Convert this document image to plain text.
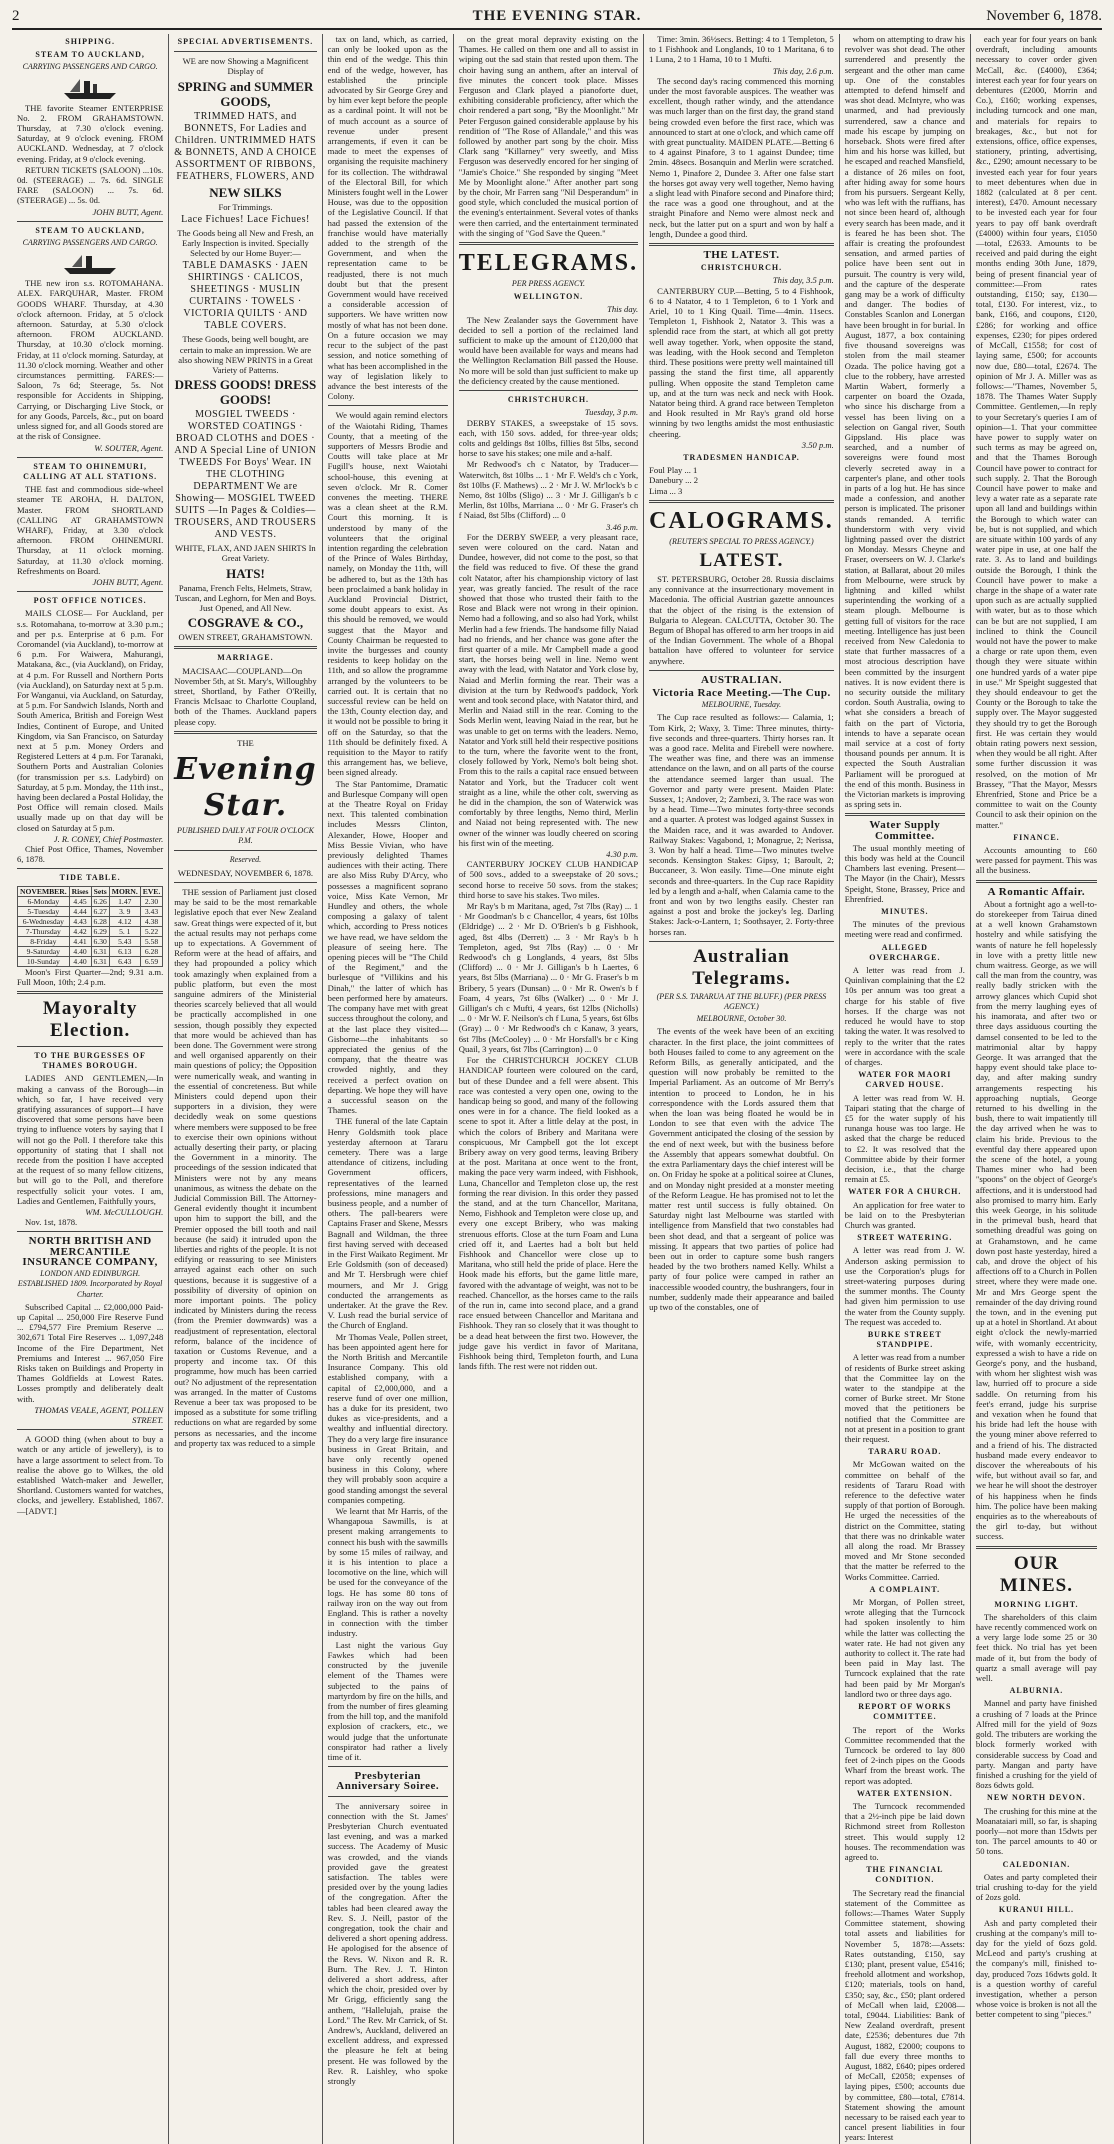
2	THE EVENING STAR.	November 6, 1878.
SHIPPING.
STEAM TO AUCKLAND,
CARRYING PASSENGERS AND CARGO.
THE favorite Steamer ENTERPRISE No. 2. FROM GRAHAMSTOWN. Thursday, at 7.30 o'clock evening. Saturday, at 9 o'clock evening. FROM AUCKLAND. Wednesday, at 7 o'clock evening. Friday, at 9 o'clock evening.
RETURN TICKETS (SALOON) ...10s. 0d. (STEERAGE) ... 7s. 6d. SINGLE FARE (SALOON) ... 7s. 6d. (STEERAGE) ... 5s. 0d.
JOHN BUTT, Agent.
STEAM TO AUCKLAND,
CARRYING PASSENGERS AND CARGO.
THE new iron s.s. ROTOMAHANA. ALEX. FARQUHAR, Master. FROM GOODS WHARF. Thursday, at 4.30 o'clock afternoon. Friday, at 5 o'clock afternoon. Saturday, at 5.30 o'clock afternoon. FROM AUCKLAND. Thursday, at 10.30 o'clock morning. Friday, at 11 o'clock morning. Saturday, at 11.30 o'clock morning. Weather and other circumstances permitting. FARES:—Saloon, 7s 6d; Steerage, 5s. Not responsible for Accidents in Shipping, Carrying, or Discharging Live Stock, or for any Goods, Parcels, &c., put on board unless signed for, and all Goods stored are at the risk of Consignee.
W. SOUTER, Agent.
STEAM TO OHINEMURI, CALLING AT ALL STATIONS.
THE fast and commodious side-wheel steamer TE AROHA, H. DALTON, Master. FROM SHORTLAND (CALLING AT GRAHAMSTOWN WHARF), Friday, at 3.30 o'clock afternoon. FROM OHINEMURI. Thursday, at 11 o'clock morning. Saturday, at 11.30 o'clock morning. Refreshments on Board.
JOHN BUTT, Agent.
POST OFFICE NOTICES.
MAILS CLOSE— For Auckland, per s.s. Rotomahana, to-morrow at 3.30 p.m.; and per p.s. Enterprise at 6 p.m. For Coromandel (via Auckland), to-morrow at 6 p.m. For Waiwera, Mahurangi, Matakana, &c., (via Auckland), on Friday, at 4 p.m. For Russell and Northern Ports (via Auckland), on Saturday next at 5 p.m. For Wanganui, via Auckland, on Saturday, at 5 p.m. For Sandwich Islands, North and South America, British and Foreign West Indies, Continent of Europe, and United Kingdom, via San Francisco, on Saturday next at 5 p.m. Money Orders and Registered Letters at 4 p.m. For Taranaki, Southern Ports and Australian Colonies (for transmission per s.s. Ladybird) on Saturday, at 5 p.m. Monday, the 11th inst., having been declared a Postal Holiday, the Post Office will remain closed. Mails usually made up on that day will be closed on Saturday at 5 p.m.
J. R. CONEY, Chief Postmaster.
Chief Post Office, Thames, November 6, 1878.
TIDE TABLE.
NOVEMBER.	Rises	Sets	MORN.	EVE.
6-Monday	4.45	6.26	1.47	2.30
5-Tuesday	4.44	6.27	3. 9	3.43
6-Wednesday	4.43	6.28	4.12	4.38
7-Thursday	4.42	6.29	5. 1	5.22
8-Friday	4.41	6.30	5.43	5.58
9-Saturday	4.40	6.31	6.13	6.28
10-Sunday	4.40	6.31	6.43	6.59
Moon's First Quarter—2nd; 9.31 a.m. Full Moon, 10th; 2.4 p.m.
Mayoralty Election.
TO THE BURGESSES OF THAMES BOROUGH.
LADIES AND GENTLEMEN,—In making a canvass of the Borough—in which, so far, I have received very gratifying assurances of support—I have discovered that some persons have been trying to influence voters by saying that I will not go the Poll. I therefore take this opportunity of stating that I shall not recede from the position I have accepted at the request of so many fellow citizens, but will go to the Poll, and therefore respectfully solicit your votes. I am, Ladies and Gentlemen, Faithfully yours,
WM. McCULLOUGH.
Nov. 1st, 1878.
NORTH BRITISH AND MERCANTILE INSURANCE COMPANY,
LONDON AND EDINBURGH. ESTABLISHED 1809. Incorporated by Royal Charter.
Subscribed Capital ... £2,000,000 Paid-up Capital ... 250,000 Fire Reserve Fund ... £794,577 Fire Premium Reserve ... 302,671 Total Fire Reserves ... 1,097,248 Income of the Fire Department, Net Premiums and Interest ... 967,050 Fire Risks taken on Buildings and Property in Thames Goldfields at Lowest Rates. Losses promptly and deliberately dealt with.
THOMAS VEALE, AGENT, POLLEN STREET.
A GOOD thing (when about to buy a watch or any article of jewellery), is to have a large assortment to select from. To realise the above go to Wilkes, the old established Watch-maker and Jeweller, Shortland. Customers wanted for watches, clocks, and jewellery. Established, 1867.—[ADVT.]
SPECIAL ADVERTISEMENTS.
WE are now Showing a Magnificent Display of
SPRING and SUMMER GOODS,
TRIMMED HATS, and BONNETS, For Ladies and Children. UNTRIMMED HATS & BONNETS, AND A CHOICE ASSORTMENT OF RIBBONS, FEATHERS, FLOWERS, AND
NEW SILKS
For Trimmings.
Lace Fichues! Lace Fichues!
The Goods being all New and Fresh, an Early Inspection is invited. Specially Selected by our Home Buyer:—
TABLE DAMASKS · JAEN SHIRTINGS · CALICOS, SHEETINGS · MUSLIN CURTAINS · TOWELS · VICTORIA QUILTS · AND TABLE COVERS.
These Goods, being well bought, are certain to make an impression. We are also showing NEW PRINTS in a Great Variety of Patterns.
DRESS GOODS! DRESS GOODS!
MOSGIEL TWEEDS · WORSTED COATINGS · BROAD CLOTHS and DOES · AND A Special Line of UNION TWEEDS For Boys' Wear. IN THE CLOTHING DEPARTMENT We are Showing— MOSGIEL TWEED SUITS —In Pages & Coldies— TROUSERS, AND TROUSERS AND VESTS.
WHITE, FLAX, AND JAEN SHIRTS In Great Variety.
HATS!
Panama, French Felts, Helmets, Straw, Tuscan, and Leghorn, for Men and Boys. Just Opened, and All New.
COSGRAVE & CO.,
OWEN STREET, GRAHAMSTOWN.
MARRIAGE.
MACISAAC—COUPLAND—On November 5th, at St. Mary's, Willoughby street, Shortland, by Father O'Reilly, Francis McIsaac to Charlotte Coupland, both of the Thames. Auckland papers please copy.
THE
Evening Star.
PUBLISHED DAILY AT FOUR O'CLOCK P.M.
Reserved.
WEDNESDAY, NOVEMBER 6, 1878.
THE session of Parliament just closed may be said to be the most remarkable legislative epoch that ever New Zealand saw. Great things were expected of it, but the actual results may not perhaps come up to expectations. A Government of Reform were at the head of affairs, and they had propounded a policy which took amazingly when explained from a public platform, but even the most sanguine admirers of the Ministerial theories scarcely believed that all would be practically accomplished in one session, though possibly they expected that more would be achieved than has been done. The Government were strong and well organised apparently on their main questions of policy; the Opposition were numerically weak, and wanting in the essential of concreteness. But while Ministers could depend upon their supporters in a division, they were decidedly weak on some questions where members were supposed to be free to exercise their own opinions without actually deserting their party, or placing the Government in a minority. The proceedings of the session indicated that Ministers were not by any means unanimous, as witness the debate on the Judicial Commission Bill. The Attorney-General evidently thought it incumbent upon him to support the bill, and the Premier opposed the bill tooth and nail because (he said) it intruded upon the liberties and rights of the people. It is not edifying or reassuring to see Ministers arrayed against each other on such questions, because it is suggestive of a possibility of diversity of opinion on more important points. The policy indicated by Ministers during the recess (from the Premier downwards) was a readjustment of representation, electoral reform, balance of the incidence of taxation or Customs Revenue, and a property and income tax. Of this programme, how much has been carried out? No adjustment of the representation was arranged. In the matter of Customs Revenue a beer tax was proposed to be imposed as a substitute for some trifling reductions on what are regarded by some persons as necessaries, and the income and property tax was reduced to a simple
tax on land, which, as carried, can only be looked upon as the thin end of the wedge. This thin end of the wedge, however, has established the principle advocated by Sir George Grey and by him ever kept before the people as a cardinal point. It will not be of much account as a source of revenue under present arrangements, if even it can be made to meet the expenses of organising the requisite machinery for its collection. The withdrawal of the Electoral Bill, for which Ministers fought well in the Lower House, was due to the opposition of the Legislative Council. If that had passed the extension of the franchise would have materially added to the strength of the Government, and when the representation came to be readjusted, there is not much doubt but that the present Government would have received a considerable accession of supporters. We have written now mostly of what has not been done. On a future occasion we may recur to the subject of the past session, and notice something of what has been accomplished in the way of legislation likely to advance the best interests of the Colony.
We would again remind electors of the Waiotahi Riding, Thames County, that a meeting of the supporters of Messrs Brodie and Coutts will take place at Mr Fugill's house, next Waiotahi school-house, this evening at seven o'clock. Mr R. Comer convenes the meeting. THERE was a clean sheet at the R.M. Court this morning. It is understood by many of the volunteers that the original intention regarding the celebration of the Prince of Wales Birthday, namely, on Monday the 11th, will be adhered to, but as the 13th has been proclaimed a bank holiday in Auckland Provincial District, some doubt appears to exist. As this should be removed, we would suggest that the Mayor and County Chairman be requested to invite the burgesses and county residents to keep holiday on the 11th, and so allow the programme arranged by the volunteers to be carried out. It is certain that no successful review can be held on the 13th, County election day, and it would not be possible to bring it off on the Saturday, so that the 11th should be definitely fixed. A requisition to the Mayor to ratify this arrangement has, we believe, been signed already.
The Star Pantomime, Dramatic and Burlesque Company will open at the Theatre Royal on Friday next. This talented combination includes Messrs Clinton, Alexander, Howe, Hooper and Miss Bessie Vivian, who have previously delighted Thames audiences with their acting. There are also Miss Ruby D'Arcy, who possesses a magnificent soprano voice, Miss Kate Vernon, Mr Hundley and others, the whole composing a galaxy of talent which, according to Press notices we have read, we have seldom the pleasure of seeing here. The opening pieces will be "The Child of the Regiment," and the burlesque of "Villikins and his Dinah," the latter of which has been performed here by amateurs. The company have met with great success throughout the colony, and at the last place they visited—Gisborne—the inhabitants so appreciated the genius of the company, that the theatre was crowded nightly, and they received a perfect ovation on departing. We hope they will have a successful season on the Thames.
THE funeral of the late Captain Henry Goldsmith took place yesterday afternoon at Tararu cemetery. There was a large attendance of citizens, including Government officers, representatives of the learned professions, mine managers and business people, and a number of others. The pall-bearers were Captains Fraser and Skene, Messrs Bagnall and Wildman, the three first having served with deceased in the First Waikato Regiment. Mr Erle Goldsmith (son of deceased) and Mr T. Hersbrugh were chief mourners, and Mr J. Grigg conducted the arrangements as undertaker. At the grave the Rev. V. Lush read the burial service of the Church of England.
Mr Thomas Veale, Pollen street, has been appointed agent here for the North British and Mercantile Insurance Company. This old established company, with a capital of £2,000,000, and a reserve fund of over one million, has a duke for its president, two dukes as vice-presidents, and a wealthy and influential directory. They do a very large fire insurance business in Great Britain, and have only recently opened business in this Colony, where they will probably soon acquire a good standing amongst the several companies competing.
We learnt that Mr Harris, of the Whangapoua Sawmills, is at present making arrangements to connect his bush with the sawmills by some 15 miles of railway, and it is his intention to place a locomotive on the line, which will be used for the conveyance of the logs. He has some 80 tons of railway iron on the way out from England. This is rather a novelty in connection with the timber industry.
Last night the various Guy Fawkes which had been constructed by the juvenile element of the Thames were subjected to the pains of martyrdom by fire on the hills, and from the number of fires gleaming from the hill top, and the manifold explosion of crackers, etc., we would judge that the unfortunate conspirator had rather a lively time of it.
Presbyterian Anniversary Soiree.
The anniversary soiree in connection with the St. James' Presbyterian Church eventuated last evening, and was a marked success. The Academy of Music was crowded, and the viands provided gave the greatest satisfaction. The tables were presided over by the young ladies of the congregation. After the tables had been cleared away the Rev. S. J. Neill, pastor of the congregation, took the chair and delivered a short opening address. He apologised for the absence of the Revs. W. Nixon and R. R. Burn. The Rev. J. T. Hinton delivered a short address, after which the choir, presided over by Mr Grigg, efficiently sang the anthem, "Hallelujah, praise the Lord." The Rev. Mr Carrick, of St. Andrew's, Auckland, delivered an excellent address, and expressed the pleasure he felt at being present. He was followed by the Rev. R. Laishley, who spoke strongly
on the great moral depravity existing on the Thames. He called on them one and all to assist in wiping out the sad stain that rested upon them. The choir having sung an anthem, after an interval of five minutes the concert took place. Misses Ferguson and Clark played a pianoforte duet, exhibiting considerable proficiency, after which the choir rendered a part song, "By the Moonlight." Mr Peter Ferguson gained considerable applause by his rendition of "The Rose of Allandale," and this was followed by another part song by the choir. Miss Clark sang "Killarney" very sweetly, and Miss Ferguson was deservedly encored for her singing of "Jamie's Choice." She responded by singing "Meet Me by Moonlight alone." After another part song by the choir, Mr Farren sang "Nil Desperandum" in good style, which concluded the musical portion of the evening's entertainment. Several votes of thanks were then carried, and the entertainment terminated with the singing of "God Save the Queen."
TELEGRAMS.
PER PRESS AGENCY.
WELLINGTON.
This day.
The New Zealander says the Government have decided to sell a portion of the reclaimed land sufficient to make up the amount of £120,000 that would have been available for ways and means had the Wellington Reclamation Bill passed the House. No more will be sold than just sufficient to make up the deficiency created by the cause mentioned.
CHRISTCHURCH.
Tuesday, 3 p.m.
DERBY STAKES, a sweepstake of 15 sovs. each, with 150 sovs. added, for three-year olds; colts and geldings 8st 10lbs, fillies 8st 5lbs, second horse to save his stakes; one mile and a-half.
Mr Redwood's ch c Natator, by Traducer—Waterwitch, 8st 10lbs ... 1 · Mr F. Weld's ch c York, 8st 10lbs (F. Mathews) ... 2 · Mr J. W. Mr'lock's b c Nemo, 8st 10lbs (Sligo) ... 3 · Mr J. Gilligan's b c Merlin, 8st 10lbs, Marriana ... 0 · Mr G. Fraser's ch f Naiad, 8st 5lbs (Clifford) ... 0
3.46 p.m.
For the DERBY SWEEP, a very pleasant race, seven were coloured on the card. Natan and Dundee, however, did not come to the post, so that the field was reduced to five. Of these the grand colt Natator, after his championship victory of last year, was greatly fancied. The result of the race showed that those who trusted their faith to the Rose and Black were not wrong in their opinion. Nemo had a following, and so also had York, whilst Merlin had a few friends. The handsome filly Naiad had no friends, and her chance was gone after the first quarter of a mile. Mr Campbell made a good start, the horses being well in line. Nemo went away with the lead, with Natator and York close by, Naiad and Merlin forming the rear. Their was a division at the turn by Redwood's paddock, York went and took second place, with Natator third, and Merlin and Naiad still in the rear. Coming to the Sods Merlin went, leaving Naiad in the rear, but he was unable to get on terms with the leaders. Nemo, Natator and York still held their respective positions to the turn, where the favorite went to the front, closely followed by York, Nemo's bolt being shot. From this to the rails a capital race ensued between Natator and York, but the Traducer colt went straight as a line, while the other colt, swerving as he did in the champion, the son of Waterwick was comfortably by three lengths, Nemo third, Merlin and Naiad not being represented with. The new owner of the winner was loudly cheered on scoring his first win of the meeting.
4.30 p.m.
CANTERBURY JOCKEY CLUB HANDICAP of 500 sovs., added to a sweepstake of 20 sovs.; second horse to receive 50 sovs. from the stakes; third horse to save his stakes. Two miles.
Mr Ray's b m Maritana, aged, 7st 7lbs (Ray) ... 1 · Mr Goodman's b c Chancellor, 4 years, 6st 10lbs (Eldridge) ... 2 · Mr D. O'Brien's b g Fishhook, aged, 8st 4lbs (Derrett) ... 3 · Mr Ray's b h Templeton, aged, 9st 7lbs (Ray) ... 0 · Mr Redwood's ch g Longlands, 4 years, 8st 5lbs (Clifford) ... 0 · Mr J. Gilligan's b h Laertes, 6 years, 8st 5lbs (Marriana) ... 0 · Mr G. Fraser's b m Bribery, 5 years (Dunsan) ... 0 · Mr R. Owen's b f Foam, 4 years, 7st 6lbs (Walker) ... 0 · Mr J. Gilligan's ch c Mufti, 4 years, 6st 12lbs (Nicholls) ... 0 · Mr W. F. Neilson's ch f Luna, 5 years, 6st 6lbs (Gray) ... 0 · Mr Redwood's ch c Kanaw, 3 years, 6st 7lbs (McCooley) ... 0 · Mr Horsfall's br c King Quail, 3 years, 6st 7lbs (Carrington) ... 0
For the CHRISTCHURCH JOCKEY CLUB HANDICAP fourteen were coloured on the card, but of these Dundee and a fell were absent. This race was contested a very open one, owing to the handicap being so good, and many of the following ones were in for a chance. The field looked as a scene to spot it. After a little delay at the post, in which the colors of Bribery and Maritana were conspicuous, Mr Campbell got the lot except Bribery away on very good terms, leaving Bribery at the post. Maritana at once went to the front, making the pace very warm indeed, with Fishhook, Luna, Chancellor and Templeton close up, the rest forming the rear division. In this order they passed the stand, and at the turn Chancellor, Maritana, Nemo, Fishhook and Templeton were close up, and every one except Bribery, who was making strenuous efforts. Close at the turn Foam and Luna cried off it, and Laertes had a bolt but held Fishhook and Chancellor were close up to Maritana, who still held the pride of place. Here the Hook made his efforts, but the game little mare, favored with the advantage of weight, was not to be reached. Chancellor, as the horses came to the rails of the run in, came into second place, and a grand race ensued between Chancellor and Maritana and Fishhook. They ran so closely that it was thought to be a dead heat between the first two. However, the judge gave his verdict in favor of Maritana, Fishhook being third, Templeton fourth, and Luna lands fifth. The rest were not ridden out.
Time: 3min. 36½secs. Betting: 4 to 1 Templeton, 5 to 1 Fishhook and Longlands, 10 to 1 Maritana, 6 to 1 Luna, 2 to 1 Hama, 10 to 1 Mufti.
This day, 2.6 p.m.
The second day's racing commenced this morning under the most favorable auspices. The weather was excellent, though rather windy, and the attendance was much larger than on the first day, the grand stand being crowded even before the first race, which was announced to start at one o'clock, and which came off with great punctuality. MAIDEN PLATE.—Betting 6 to 4 against Pinafore, 3 to 1 against Dundee; time 2min. 48secs. Bosanquin and Merlin were scratched. Nemo 1, Pinafore 2, Dundee 3. After one false start the horses got away very well together, Nemo having a slight lead with Pinafore second and Pinafore third; the race was a good one throughout, and at the straight Pinafore and Nemo were almost neck and neck, but the latter put on a spurt and won by half a length, Dundee a good third.
THE LATEST.
CHRISTCHURCH.
This day, 3.5 p.m.
CANTERBURY CUP.—Betting, 5 to 4 Fishhook, 6 to 4 Natator, 4 to 1 Templeton, 6 to 1 York and Ariel, 10 to 1 King Quail. Time—4min. 11secs. Templeton 1, Fishhook 2, Natator 3. This was a splendid race from the start, at which all got pretty well away together. York, when opposite the stand, was leading, with the Hook second and Templeton third. These positions were pretty well maintained till passing the stand the first time, all apparently pulling. When opposite the stand Templeton came up, and at the turn was neck and neck with Hook. Natator being third. A grand race between Templeton and Hook resulted in Mr Ray's grand old horse winning by two lengths amidst the most enthusiastic cheering.
3.50 p.m.
TRADESMEN HANDICAP.
Foul Play ... 1
Danebury ... 2
Lima ... 3
CALOGRAMS.
(REUTER'S SPECIAL TO PRESS AGENCY.)
LATEST.
ST. PETERSBURG, October 28. Russia disclaims any connivance at the insurrectionary movement in Macedonia. The official Austrian gazette announces that the object of the rising is the extension of Bulgaria to Alegean. CALCUTTA, October 30. The Begum of Bhopal has offered to arm her troops in aid of the Indian Government. The whole of a Bhopal battalion have offered to volunteer for service anywhere.
AUSTRALIAN.
Victoria Race Meeting.—The Cup.
MELBOURNE, Tuesday.
The Cup race resulted as follows:— Calamia, 1; Tom Kirk, 2; Waxy, 3. Time: Three minutes, thirty-five seconds and three-quarters. Thirty horses ran. It was a good race. Melita and Firebell were nowhere. The weather was fine, and there was an immense attendance on the lawn, and on all parts of the course the attendance seemed larger than usual. The Governor and party were present. Maiden Plate: Sussex, 1; Andover, 2; Zambezi, 3. The race was won by a head. Time—Two minutes forty-three seconds and a quarter. A protest was lodged against Sussex in the Maiden race, and it was awarded to Andover. Railway Stakes: Vagabond, 1; Monagrue, 2; Nerissa, 3. Won by half a head. Time—Two minutes twelve seconds. Kensington Stakes: Gipsy, 1; Baroult, 2; Buccaneer, 3. Won easily. Time—One minute eight seconds and three-quarters. In the Cup race Rapidity led by a length and a-half, when Calamia came to the front and won by two lengths easily. Chester ran against a post and broke the jockey's leg. Darling Stakes: Jack-o-Lantern, 1; Soothsayer, 2. Forty-three horses ran.
Australian Telegrams.
(PER S.S. TARARUA AT THE BLUFF.) (PER PRESS AGENCY.)
MELBOURNE, October 30.
The events of the week have been of an exciting character. In the first place, the joint committees of both Houses failed to come to any agreement on the Reform Bills, as generally anticipated, and the question will now probably be remitted to the Imperial Parliament. As an outcome of Mr Berry's intention to proceed to London, he in his correspondence with the Lords assured them that when the loan was being floated he would be in London to see that even with the advice The Government anticipated the closing of the session by the end of next week, but with the business before the Assembly that appears somewhat doubtful. On the extra Parliamentary days the chief interest will be on. On Friday he spoke at a political soiree at Clunes, and on Monday night presided at a monster meeting of the Reform League. He has promised not to let the matter rest until success is fully obtained. On Saturday night last Melbourne was startled with intelligence from Mansfield that two constables had been shot dead, and that a sergeant of police was missing. It appears that two parties of police had been out in order to capture some bush rangers headed by the two brothers named Kelly. Whilst a party of four police were camped in rather an inaccessible wooded country, the bushrangers, four in number, suddenly made their appearance and bailed up two of the constables, one of
whom on attempting to draw his revolver was shot dead. The other surrendered and presently the sergeant and the other man came up. One of the constables attempted to defend himself and was shot dead. McIntyre, who was unarmed, and had previously surrendered, saw a chance and made his escape by jumping on horseback. Shots were fired after him and his horse was killed, but he escaped and reached Mansfield, a distance of 26 miles on foot, after hiding away for some hours from his pursuers. Sergeant Kelly, who was left with the ruffians, has not since been heard of, although every search has been made, and it is feared he has been shot. The affair is creating the profoundest sensation, and armed parties of police have been sent out in pursuit. The country is very wild, and the capture of the desperate gang may be a work of difficulty and danger. The bodies of Constables Scanlon and Lonergan have been brought in for burial. In August, 1877, a box containing five thousand sovereigns was stolen from the mail steamer Ozada. The police having got a clue to the robbery, have arrested Martin Wabert, formerly a carpenter on board the Ozada, who since his discharge from a vessel has been living on a selection on Gangal river, South Gippsland. His place was searched, and a number of sovereigns were found most cleverly secreted away in a carpenter's plane, and other tools in parts of a log hut. He has since made a confession, and another person is implicated. The prisoner stands remanded. A terrific thunderstorm with very vivid lightning passed over the district on Monday. Messrs Cheyne and Fraser, overseers on W. J. Clarke's station, at Ballarat, about 20 miles from Melbourne, were struck by lightning and killed whilst superintending the working of a steam plough. Melbourne is getting full of visitors for the race meeting. Intelligence has just been received from New Caledonia to state that further massacres of a most atrocious description have been committed by the insurgent natives. It is now evident there is no security outside the military cordon. South Australia, owing to what she considers a breach of faith on the part of Victoria, intends to have a separate ocean mail service at a cost of forty thousand pounds per annum. It is expected the South Australian Parliament will be prorogued at the end of this month. Business in the Victorian markets is improving as spring sets in.
Water Supply Committee.
The usual monthly meeting of this body was held at the Council Chambers last evening. Present—The Mayor (in the Chair), Messrs Speight, Stone, Brassey, Price and Ehrenfried.
MINUTES.
The minutes of the previous meeting were read and confirmed.
ALLEGED OVERCHARGE.
A letter was read from J. Quinlivan complaining that the £2 10s per annum was too great a charge for his stable of five horses. If the charge was not reduced he would have to stop taking the water. It was resolved to reply to the writer that the rates were in accordance with the scale of charges.
WATER FOR MAORI CARVED HOUSE.
A letter was read from W. H. Taipari stating that the charge of £5 for the water supply of his runanga house was too large. He asked that the charge be reduced to £2. It was resolved that the Committee abide by their former decision, i.e., that the charge remain at £5.
WATER FOR A CHURCH.
An application for free water to be laid on to the Presbyterian Church was granted.
STREET WATERING.
A letter was read from J. W. Anderson asking permission to use the Corporation's plugs for street-watering purposes during the summer months. The County had given him permission to use the water from the County supply. The request was acceded to.
BURKE STREET STANDPIPE.
A letter was read from a number of residents of Burke street asking that the Committee lay on the water to the standpipe at the corner of Burke street. Mr Stone moved that the petitioners be notified that the Committee are not at present in a position to grant their request.
TARARU ROAD.
Mr McGowan waited on the committee on behalf of the residents of Tararu Road with reference to the defective water supply of that portion of Borough. He urged the necessities of the district on the Committee, stating that there was no drinkable water all along the road. Mr Brassey moved and Mr Stone seconded that the matter be referred to the Works Committee. Carried.
A COMPLAINT.
Mr Morgan, of Pollen street, wrote alleging that the Turncock had spoken insolently to him while the latter was collecting the water rate. He had not given any authority to collect it. The rate had been paid in May last. The Turncock explained that the rate had been paid by Mr Morgan's landlord two or three days ago.
REPORT OF WORKS COMMITTEE.
The report of the Works Committee recommended that the Turncock be ordered to lay 800 feet of 2-inch pipes on the Goods Wharf from the breast work. The report was adopted.
WATER EXTENSION.
The Turncock recommended that a 2½-inch pipe be laid down Richmond street from Rolleston street. This would supply 12 houses. The recommendation was agreed to.
THE FINANCIAL CONDITION.
The Secretary read the financial statement of the Committee as follows:—Thames Water Supply Committee statement, showing total assets and liabilities for November 5, 1878:—Assets: Rates outstanding, £150, say £130; plant, present value, £5416; freehold allotment and workshop, £120; materials, tools on hand, £350; say, &c., £50; plant ordered of McCall when laid, £2008—total, £9044. Liabilities: Bank of New Zealand overdraft, present date, £2536; debentures due 7th August, 1882, £2000; coupons to fall due every three months to August, 1882, £640; pipes ordered of McCall, £2058; expenses of laying pipes, £500; accounts due by committee, £80—total, £7814. Statement showing the amount necessary to be raised each year to cancel present liabilities in four years: Interest
each year for four years on bank overdraft, including amounts necessary to cover order given McCall, &c. (£4000), £364; interest each year for four years on debentures (£2000, Morrin and Co.), £160; working expenses, including turncock and one man, and materials for repairs to breakages, &c., but not for extensions, office, office expenses, stationery, printing, advertising, &c., £290; amount necessary to be invested each year for four years to meet debentures when due in 1882 (calculated at 8 per cent. interest), £470. Amount necessary to be invested each year for four years to pay off bank overdraft (£4000) within four years, £1050—total, £2633. Amounts to be received and paid during the eight months ending 30th June, 1879, being of present financial year of committee:—From rates outstanding, £150; say, £130—total, £130. For interest, viz., to bank, £166, and coupons, £120, £286; for working and office expenses, £230; for pipes ordered of McCall, £1558; for cost of laying same, £500; for accounts now due, £80—total, £2674. The opinion of Mr J. A. Miller was as follows:—"Thames, November 5, 1878. The Thames Water Supply Committee. Gentlemen,—In reply to your Secretary's queries I am of opinion—1. That your committee have power to supply water on such terms as may be agreed on, and that the Thames Borough Council have power to contract for such supply. 2. That the Borough Council have power to make and levy a water rate as a separate rate upon all land and buildings within the Borough to which water can be, but is not supplied, and which are situate within 100 yards of any water pipe in use, at one half the rate. 3. As to land and buildings outside the Borough, I think the Council have power to make a charge in the shape of a water rate upon such as are actually supplied with water, but as to those which can be but are not supplied, I am inclined to think the Council would not have the power to make a charge or rate upon them, even though they were situate within one hundred yards of a water pipe in use." Mr Speight suggested that they should endeavour to get the County or the Borough to take the supply over. The Mayor suggested they should try to get the Borough first. He was certain they would obtain rating powers next session, when they would be all right. After some further discussion it was resolved, on the motion of Mr Brassey, "That the Mayor, Messrs Ehrenfried, Stone and Price be a committee to wait on the County Council to ask their opinion on the matter."
FINANCE.
Accounts amounting to £60 were passed for payment. This was all the business.
A Romantic Affair.
About a fortnight ago a well-to-do storekeeper from Tairua dined at a well known Grahamstown hostelry and while satisfying the wants of nature he fell hopelessly in love with a pretty little new chum waitress. George, as we will call the man from the country, was really badly stricken with the arrowy glances which Cupid shot from the merry laughing eyes of his inamorata, and after two or three days assiduous courting the damsel consented to be led to the matrimonial altar by happy George. It was arranged that the happy event should take place to-day, and after making sundry arrangements respecting his approaching nuptials, George returned to his dwelling in the bush, there to wait impatiently till the day arrived when he was to claim his bride. Previous to the eventful day there appeared upon the scene of the hotel, a young Thames miner who had been "spoons" on the object of George's affections, and it is understood had also promised to marry him. Early this week George, in his solitude in the primeval bush, heard that something dreadful was going on at Grahamstown, and he came down post haste yesterday, hired a cab, and drove the object of his affections off to a Church in Pollen street, where they were made one. Mr and Mrs George spent the remainder of the day driving round the town, and in the evening put up at a hotel in Shortland. At about eight o'clock the newly-married wife, with womanly eccentricity, expressed a wish to have a ride on George's pony, and the husband, with whom her slightest wish was law, hurried off to procure a side saddle. On returning from his feet's errand, judge his surprise and vexation when he found that his bride had left the house with the young miner above referred to and a friend of his. The distracted husband made every endeavor to discover the whereabouts of his wife, but without avail so far, and we hear he will shoot the destroyer of his happiness when he finds him. The police have been making enquiries as to the whereabouts of the girl to-day, but without success.
OUR MINES.
MORNING LIGHT.
The shareholders of this claim have recently commenced work on a very large lode some 25 or 30 feet thick. No trial has yet been made of it, but from the body of quartz a small average will pay well.
ALBURNIA.
Mannel and party have finished a crushing of 7 loads at the Prince Alfred mill for the yield of 9ozs gold. The tributers are working the block formerly worked with considerable success by Coad and party. Mangan and party have finished a crushing for the yield of 8ozs 6dwts gold.
NEW NORTH DEVON.
The crushing for this mine at the Moanataiari mill, so far, is shaping poorly—not more than 15dwts per ton. The parcel amounts to 40 or 50 tons.
CALEDONIAN.
Oates and party completed their trial crushing to-day for the yield of 2ozs gold.
KURANUI HILL.
Ash and party completed their crushing at the company's mill to-day for the yield of 6ozs gold. McLeod and party's crushing at the company's mill, finished to-day, produced 7ozs 16dwts gold. It is a question worthy of careful investigation, whether a person whose voice is broken is not all the better competent to sing "pieces."
